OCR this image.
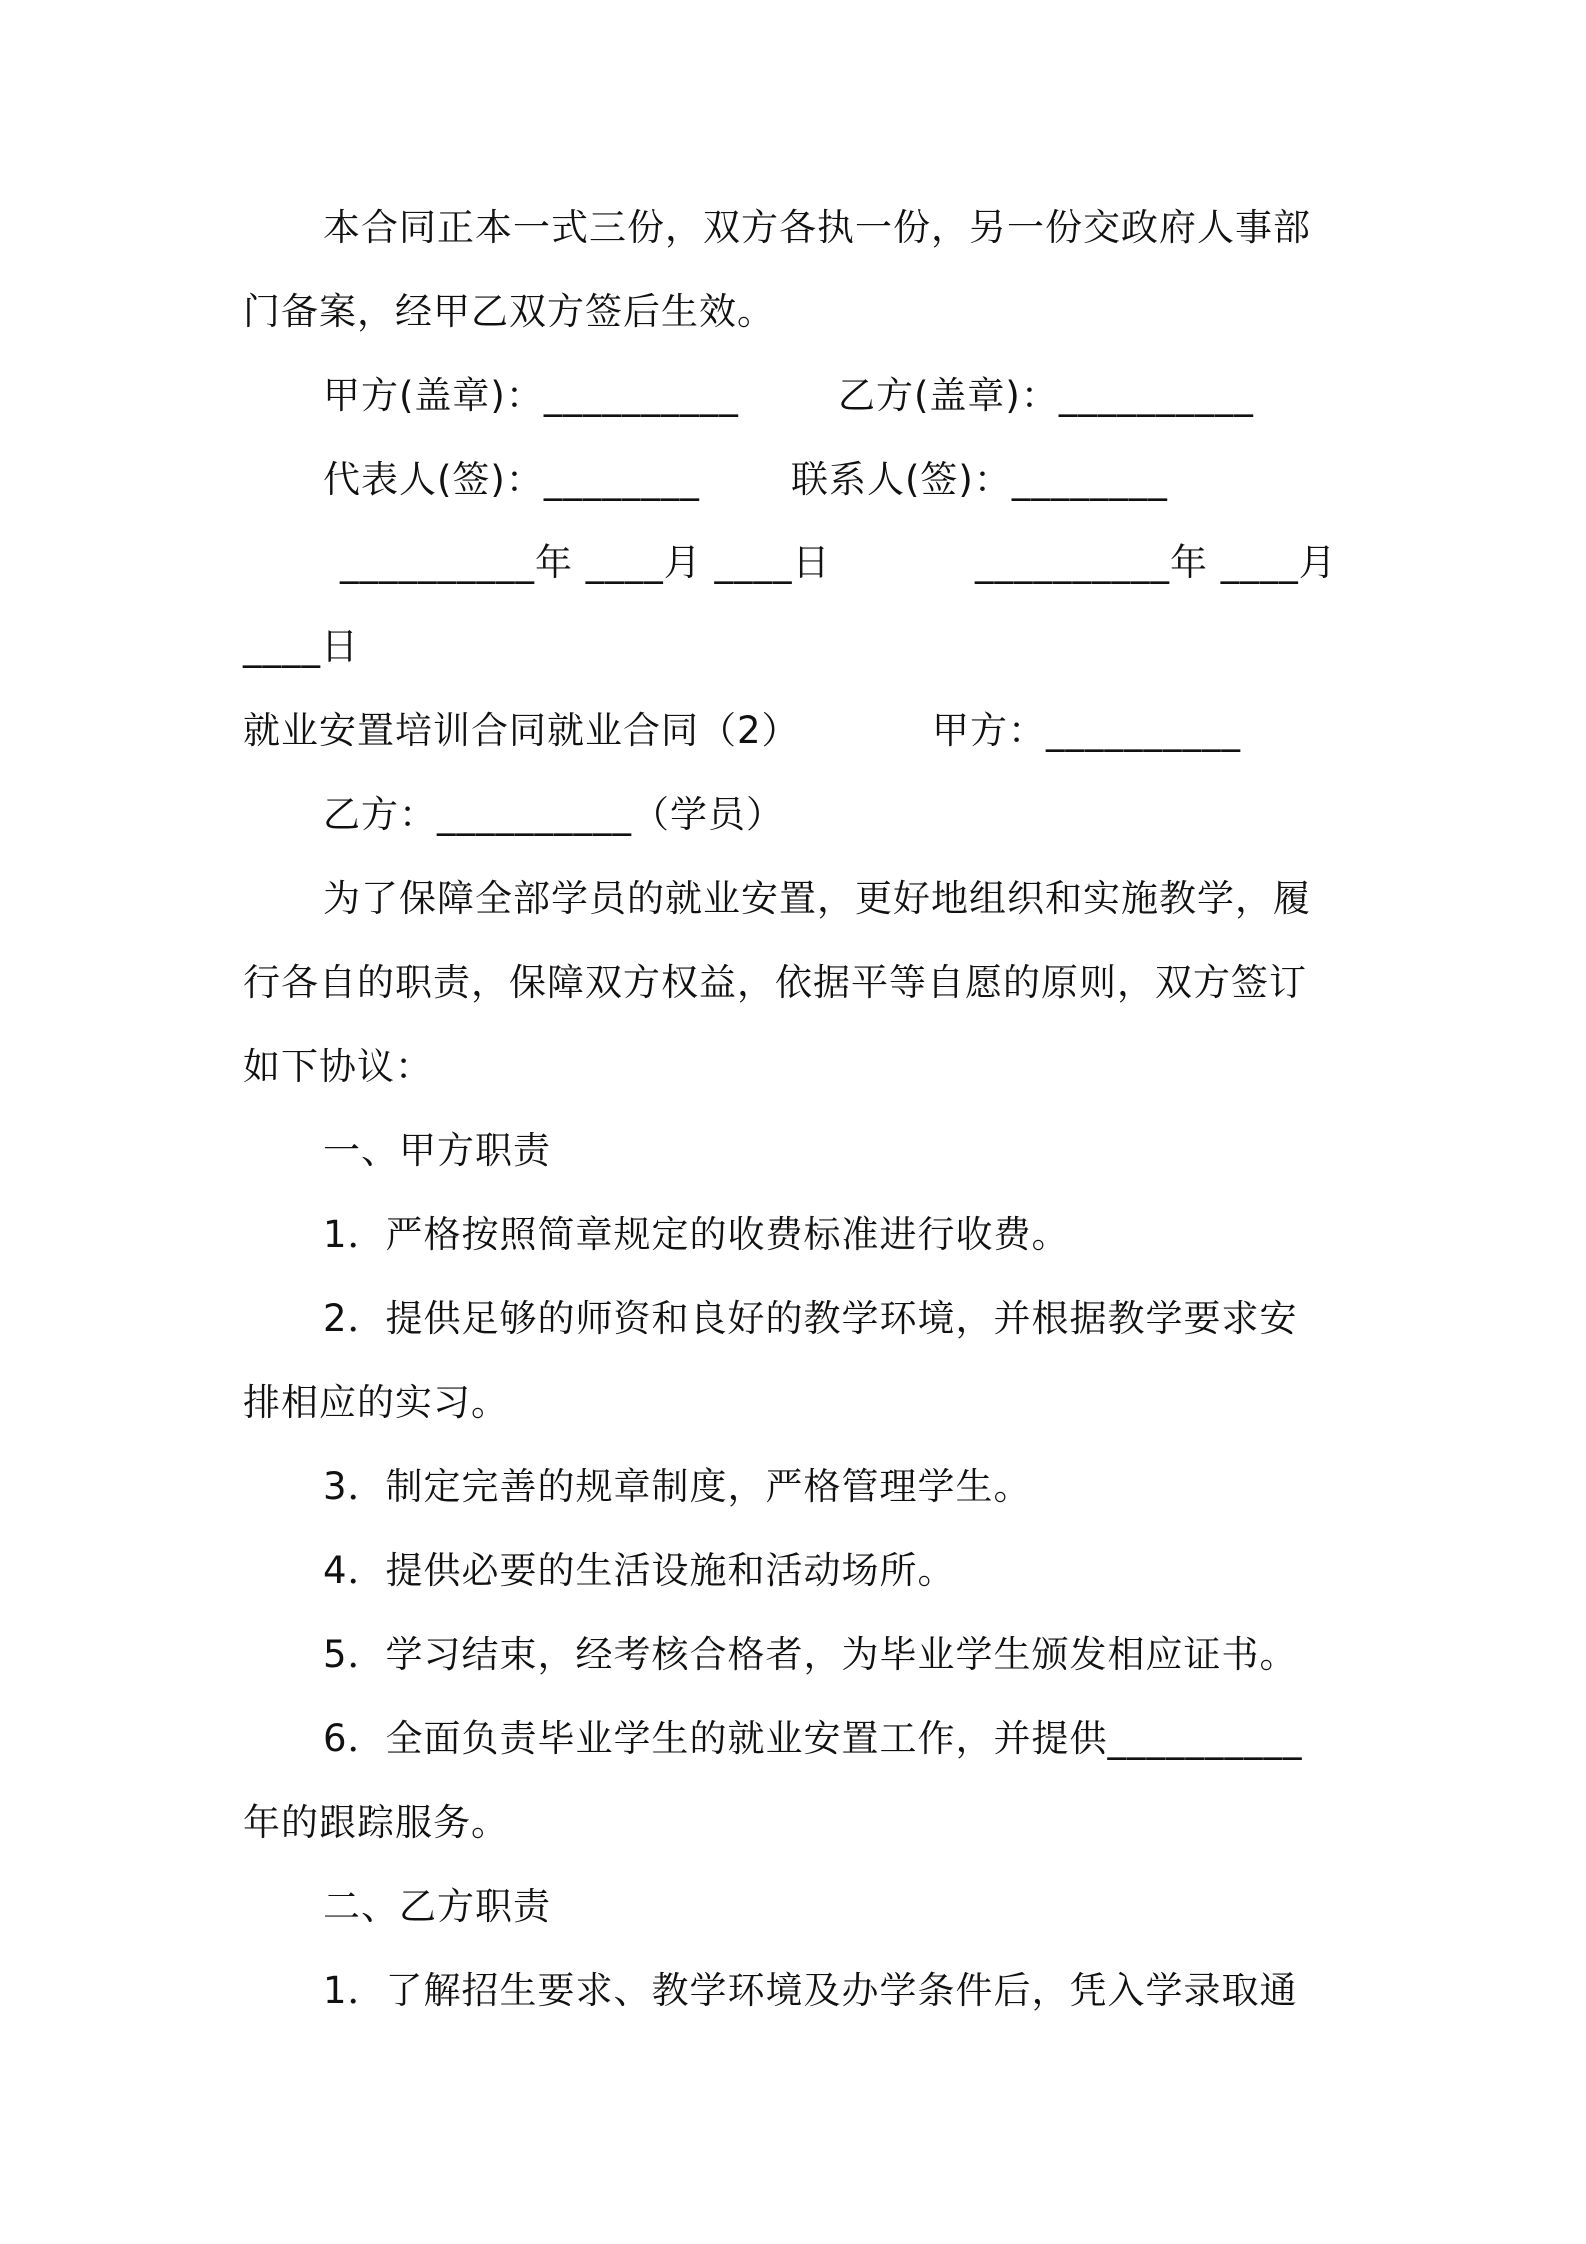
本合同正本一式三份，双方各执一份，另一份交政府人事部
门备案，经甲乙双方签后生效。
甲方(盖章)：__________	乙方(盖章)：__________
代表人(签)：________ 联系人(签)：________
__________年 ____月 ____日	__________年 ____月
____日
就业安置培训合同就业合同（2）	甲方：__________
乙方：__________（学员）
为了保障全部学员的就业安置，更好地组织和实施教学，履
行各自的职责，保障双方权益，依据平等自愿的原则，双方签订
如下协议：
一、甲方职责
1．严格按照简章规定的收费标准进行收费。
2．提供足够的师资和良好的教学环境，并根据教学要求安
排相应的实习。
3．制定完善的规章制度，严格管理学生。
4．提供必要的生活设施和活动场所。
5．学习结束，经考核合格者，为毕业学生颁发相应证书。
6．全面负责毕业学生的就业安置工作，并提供__________
年的跟踪服务。
二、乙方职责
1．了解招生要求、教学环境及办学条件后，凭入学录取通
